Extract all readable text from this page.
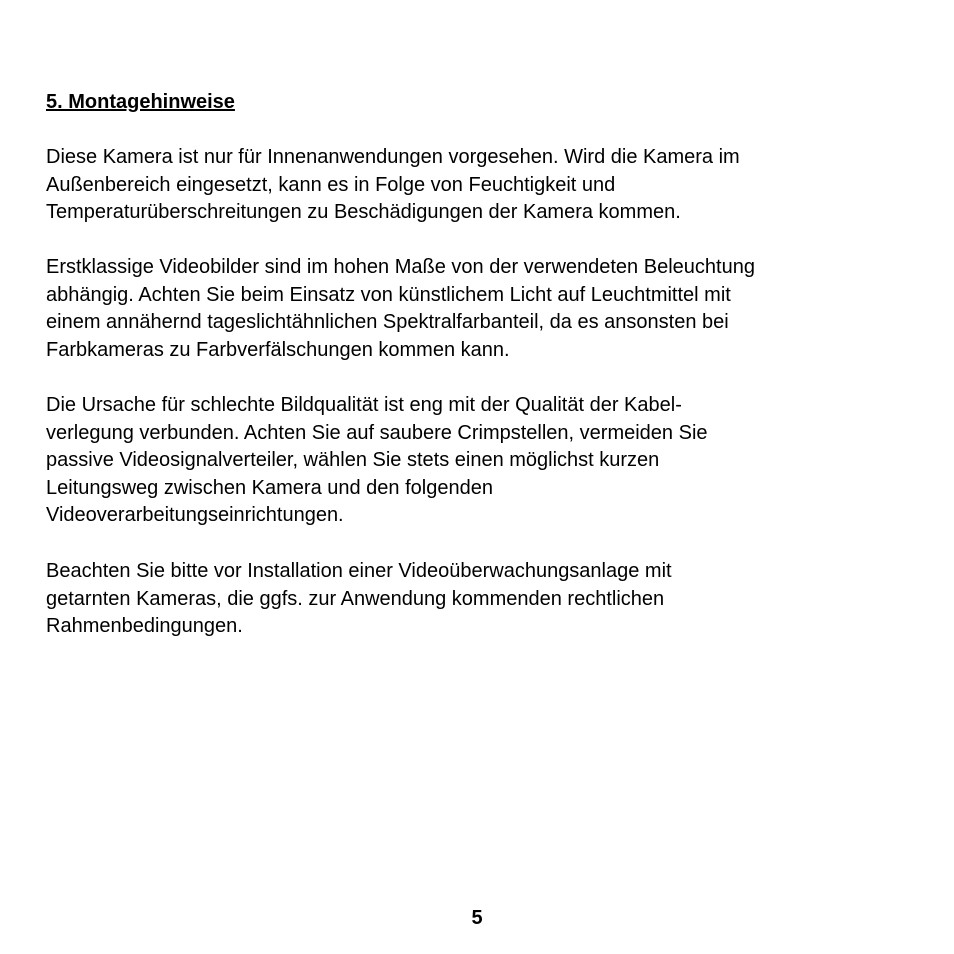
5. Montagehinweise

Diese Kamera ist nur für Innenanwendungen vorgesehen. Wird die Kamera im
Außenbereich eingesetzt, kann es in Folge von Feuchtigkeit und
Temperaturüberschreitungen zu Beschädigungen der Kamera kommen.

Erstklassige Videobilder sind im hohen Maße von der verwendeten Beleuchtung
abhängig. Achten Sie beim Einsatz von künstlichem Licht auf Leuchtmittel mit
einem annähernd tageslichtähnlichen Spektralfarbanteil, da es ansonsten bei
Farbkameras zu Farbverfälschungen kommen kann.

Die Ursache für schlechte Bildqualität ist eng mit der Qualität der Kabel-
verlegung verbunden. Achten Sie auf saubere Crimpstellen, vermeiden Sie
passive Videosignalverteiler, wählen Sie stets einen möglichst kurzen
Leitungsweg zwischen Kamera und den folgenden
Videoverarbeitungseinrichtungen.

Beachten Sie bitte vor Installation einer Videoüberwachungsanlage mit
getarnten Kameras, die ggfs. zur Anwendung kommenden rechtlichen
Rahmenbedingungen.

5
